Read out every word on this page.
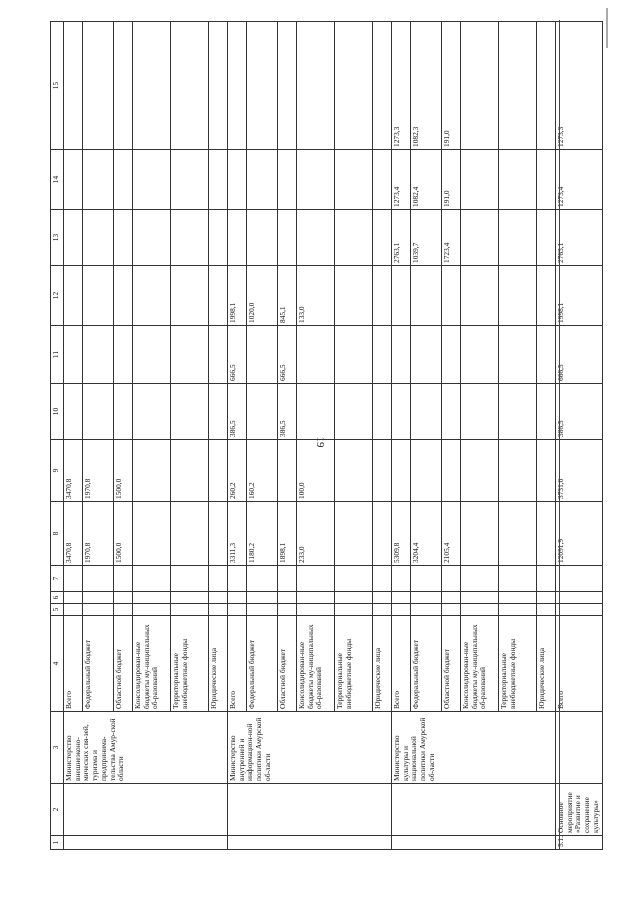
19
1	2	3	4	5	6	7	8	9	10	11	12	13	14	15
		Министерство внешнеэконо-мических свя-зей, туризма и предпринима-тельства Амур-ской области	Всего				3470,8	3470,8						
			Федеральный бюджет				1970,8	1970,8						
			Областной бюджет				1500,0	1500,0						
			Консолидирован-ные бюджеты му-ниципальных об-разований											
			Территориальные внебюджетные фонды											
			Юридические лица											
		Министерство внутренней и информацион-ной политики Амурской об-ласти	Всего				3311,3	260,2	386,5	666,5	1998,1			
			Федеральный бюджет				1180,2	160,2			1020,0			
			Областной бюджет				1898,1		386,5	666,5	845,1			
			Консолидирован-ные бюджеты му-ниципальных об-разований				233,0	100,0			133,0			
			Территориальные внебюджетные фонды											
			Юридические лица											
		Министерство культуры и национальной политики Амурской об-ласти	Всего				5309,8					2763,1	1273,4	1273,3
			Федеральный бюджет				3204,4					1039,7	1082,4	1082,3
			Областной бюджет				2105,4					1723,4	191,0	191,0
			Консолидирован-ные бюджеты му-ниципальных об-разований											
			Территориальные внебюджетные фонды											
			Юридические лица											
5.1.	Основное мероприятие «Развитие и сохранение культуры»		Всего				12091,9	3731,0	386,5	666,5	1998,1	2763,1	1273,4	1273,3
